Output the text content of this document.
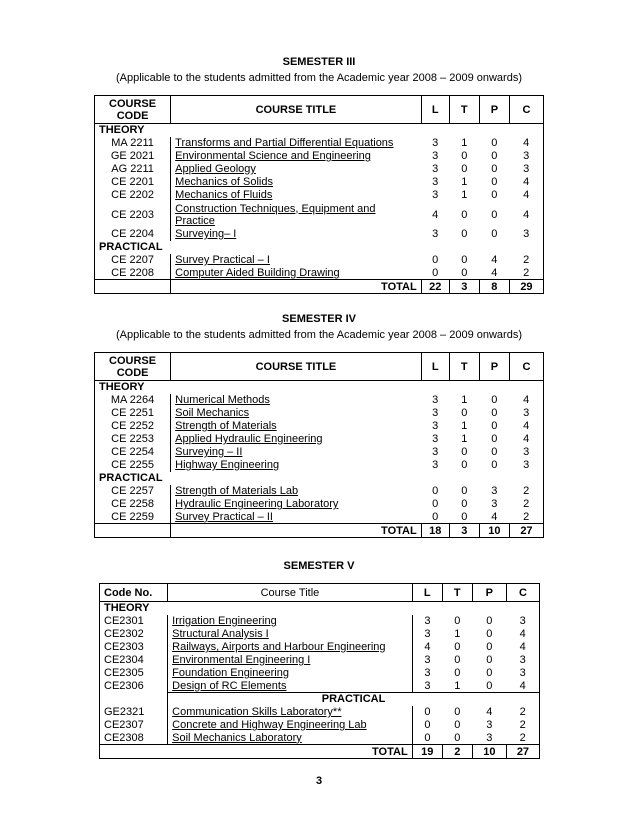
SEMESTER III
(Applicable to the students admitted from the Academic year 2008 – 2009 onwards)
COURSE CODE	COURSE TITLE	L	T	P	C
THEORY					
MA 2211	Transforms and Partial Differential Equations	3	1	0	4
GE 2021	Environmental Science and Engineering	3	0	0	3
AG 2211	Applied Geology	3	0	0	3
CE 2201	Mechanics of Solids	3	1	0	4
CE 2202	Mechanics of Fluids	3	1	0	4
CE 2203	Construction Techniques, Equipment and Practice	4	0	0	4
CE 2204	Surveying– I	3	0	0	3
PRACTICAL					
CE 2207	Survey Practical – I	0	0	4	2
CE 2208	Computer Aided Building Drawing	0	0	4	2
	TOTAL	22	3	8	29
SEMESTER IV
(Applicable to the students admitted from the Academic year 2008 – 2009 onwards)
COURSE CODE	COURSE TITLE	L	T	P	C
THEORY					
MA 2264	Numerical Methods	3	1	0	4
CE 2251	Soil Mechanics	3	0	0	3
CE 2252	Strength of Materials	3	1	0	4
CE 2253	Applied Hydraulic Engineering	3	1	0	4
CE 2254	Surveying – II	3	0	0	3
CE 2255	Highway Engineering	3	0	0	3
PRACTICAL					
CE 2257	Strength of Materials Lab	0	0	3	2
CE 2258	Hydraulic Engineering Laboratory	0	0	3	2
CE 2259	Survey Practical – II	0	0	4	2
	TOTAL	18	3	10	27
SEMESTER V
Code No.	Course Title	L	T	P	C
THEORY					
CE2301	Irrigation Engineering	3	0	0	3
CE2302	Structural Analysis I	3	1	0	4
CE2303	Railways, Airports and Harbour Engineering	4	0	0	4
CE2304	Environmental Engineering I	3	0	0	3
CE2305	Foundation Engineering	3	0	0	3
CE2306	Design of RC Elements	3	1	0	4
	PRACTICAL				
GE2321	Communication Skills Laboratory**	0	0	4	2
CE2307	Concrete and Highway Engineering Lab	0	0	3	2
CE2308	Soil Mechanics Laboratory	0	0	3	2
	TOTAL	19	2	10	27
3
